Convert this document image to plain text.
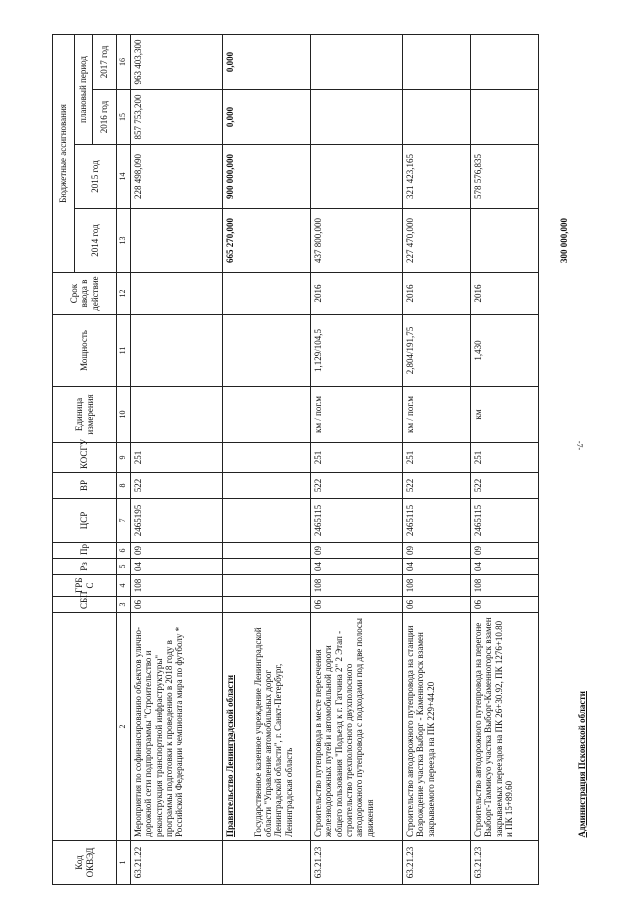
Код ОКВЭД		СБП	ГРБ С	Рз	Пр	ЦСР	ВР	КОСГУ	Единица измерения	Мощность	Срок ввода в действие	Бюджетные ассигнования			
												2014 год	2015 год	плановый период	
														2016 год	2017 год
1	2	3	4	5	6	7	8	9	10	11	12	13	14	15	16
63.21.22	Мероприятия по софинансированию объектов улично-дорожной сети подпрограммы "Строительство и реконструкция транспортной инфраструктуры" программы подготовки к проведению в 2018 году в Российской Федерации чемпионата мира по футболу *	06	108	04	09	2465195	522	251					228 498,090	857 753,200	963 403,300
	Правительство Ленинградской области											665 270,000	900 000,000	0,000	0,000
	Государственное казенное учреждение Ленинградской области "Управление автомобильных дорог Ленинградской области", г. Санкт-Петербург, Ленинградская область														
63.21.23	Строительство путепровода в месте пересечения железнодорожных путей и автомобильной дороги общего пользования "Подъезд к г. Гатчина 2" 2 Этап - строительство трехполосного двухполосного автодорожного путепровода с подходами под две полосы движения	06	108	04	09	2465115	522	251	км / пог.м	1,129/104,5	2016	437 800,000			
63.21.23	Строительство автодорожного путепровода на станции Возрождение участка Выборг - Каменногорск взамен закрываемого переезда на ПК 229+44.20	06	108	04	09	2465115	522	251	км / пог.м	2,804/191,75	2016	227 470,000	321 423,165		
63.21.23	Строительство автодорожного путепровода на перегоне Выборг-Таммисуо участка Выборг-Каменногорск взамен закрываемых переездов на ПК 26+30.92, ПК 1276+10.80 и ПК 15+89.60	06	108	04	09	2465115	522	251	км	1,430	2016		578 576,835		
	Администрация Псковской области											300 000,000			
-7-
